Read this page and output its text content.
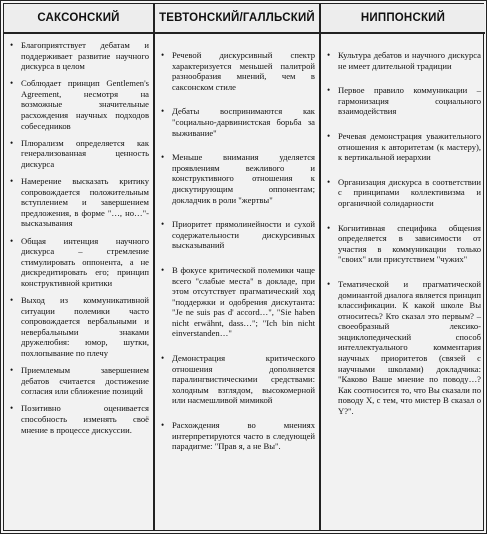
САКСОНСКИЙ	ТЕВТОНСКИЙ/ГАЛЛЬСКИЙ	НИППОНСКИЙ
• Благоприятствует дебатам и поддерживает развитие научного дискурса в целом
• Соблюдает принцип Gentlemen's Agreement, несмотря на возможные значительные расхождения научных подходов собеседников
• Плюрализм определяется как генерализованная ценность дискурса
• Намерение высказать критику сопровождается положительным вступлением и завершением предложения, в форме "…, но…"- высказывания
• Общая интенция научного дискурса – стремление стимулировать оппонента, а не дискредитировать его; принцип конструктивной критики
• Выход из коммуникативной ситуации полемики часто сопровождается вербальными и невербальными знаками дружелюбия: юмор, шутки, похлопывание по плечу
• Приемлемым завершением дебатов считается достижение согласия или сближение позиций
• Позитивно оценивается способность изменять своё мнение в процессе дискуссии.
• Речевой дискурсивный спектр характеризуется меньшей палитрой разнообразия мнений, чем в саксонском стиле
• Дебаты воспринимаются как "социально-дарвинистская борьба за выживание"
• Меньше внимания уделяется проявлениям вежливого и конструктивного отношения к дискутирующим оппонентам; докладчик в роли "жертвы"
• Приоритет прямолинейности и сухой содержательности дискурсивных высказываний
• В фокусе критической полемики чаще всего "слабые места" в докладе, при этом отсутствует прагматический ход "поддержки и одобрения дискутанта: "Je ne suis pas d' accord…", "Sie haben nicht erwähnt, dass…"; "Ich bin nicht einverstanden…"
• Демонстрация критического отношения дополняется паралингвистическими средствами: холодным взглядом, высокомерной или насмешливой мимикой
• Расхождения во мнениях интерпретируются часто в следующей парадигме: "Прав я, а не Вы".
• Культура дебатов и научного дискурса не имеет длительной традиции
• Первое правило коммуникации – гармонизация социального взаимодействия
• Речевая демонстрация уважительного отношения к авторитетам (к мастеру), к вертикальной иерархии
• Организация дискурса в соответствии с принципами коллективизма и органичной солидарности
• Когнитивная специфика общения определяется в зависимости от участия в коммуникации только "своих" или присутствием "чужих"
• Тематической и прагматической доминантой диалога является принцип классификации. К какой школе Вы относитесь? Кто сказал это первым? – своеобразный лексико-энциклопедический способ интеллектуального комментария научных приоритетов (связей с научными школами) докладчика: "Каково Ваше мнение по поводу…? Как соотносится то, что Вы сказали по поводу Х, с тем, что мистер В сказал о Y?".
